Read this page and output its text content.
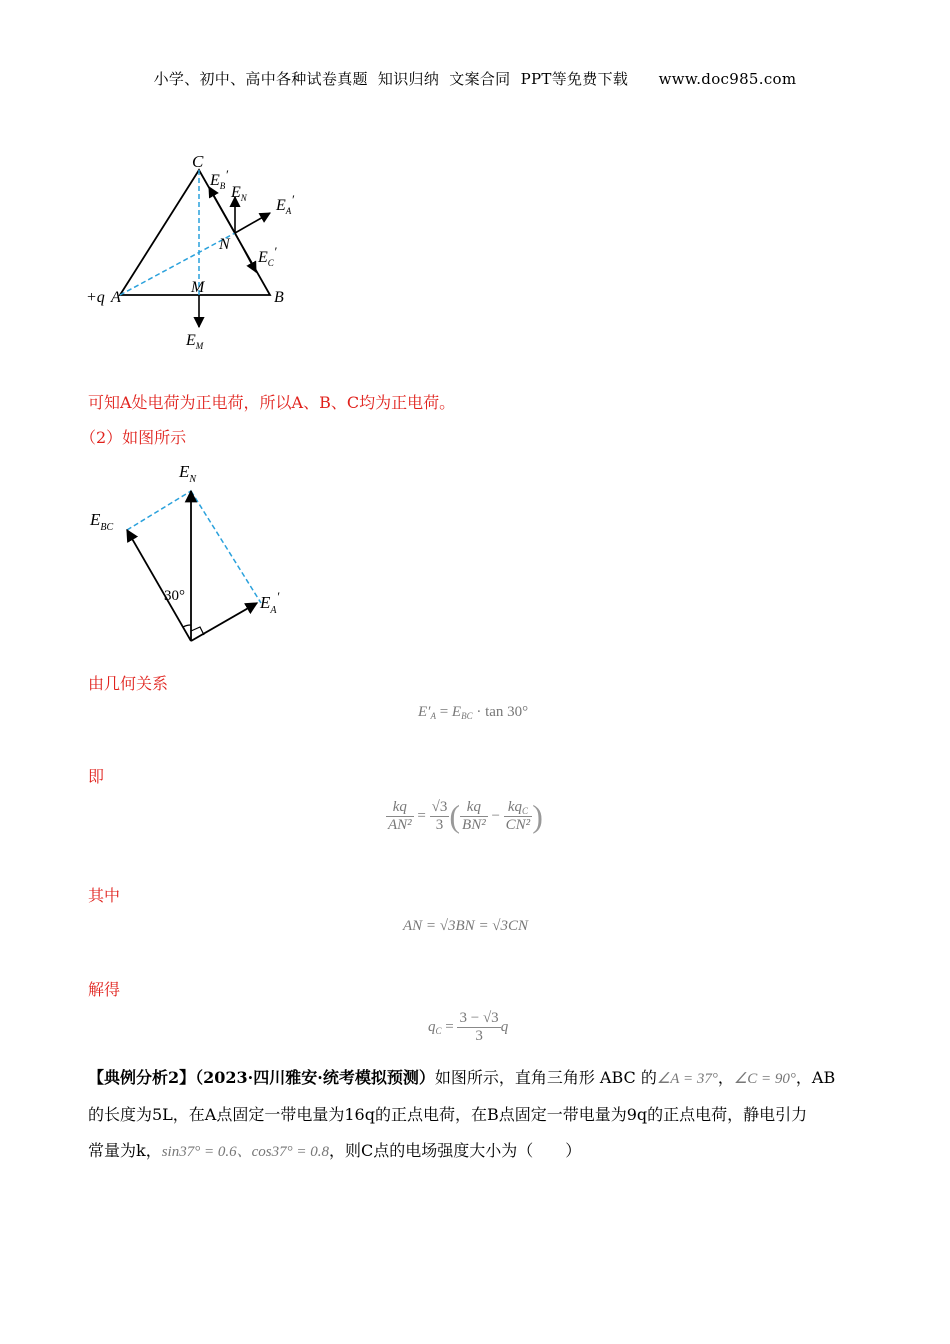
小学、初中、高中各种试卷真题  知识归纳  文案合同  PPT等免费下载      www.doc985.com
C
+q A	B
M
N
$E_B'$
$E_N$ $E_A'$
$E_C'$
$E_M$
可知A处电荷为正电荷，所以A、B、C均为正电荷。
（2）如图所示
30°
$E_N$
$E_{BC}$
$E_A'$
由几何关系
$E'_A = E_{BC} \cdot \tan 30^\circ$
即
$\frac{kq}{\text{AN²}} = \frac{√3}{3}$ ( $\frac{kq}{\text{BN²}} - \frac{kq_C}{\text{CN²}}$ )
其中
AN = √3BN = √3CN
解得
$q_C = \frac{3 - √3}{3}$ q
【典例分析2】（2023·四川雅安·统考模拟预测）如图所示，直角三角形 ABC 的∠A = 37°，∠C = 90°，AB
的长度为5L，在A点固定一带电量为16q的正点电荷，在B点固定一带电量为9q的正点电荷，静电引力
常量为k，sin37° = 0.6、cos37° = 0.8，则C点的电场强度大小为（　　）
